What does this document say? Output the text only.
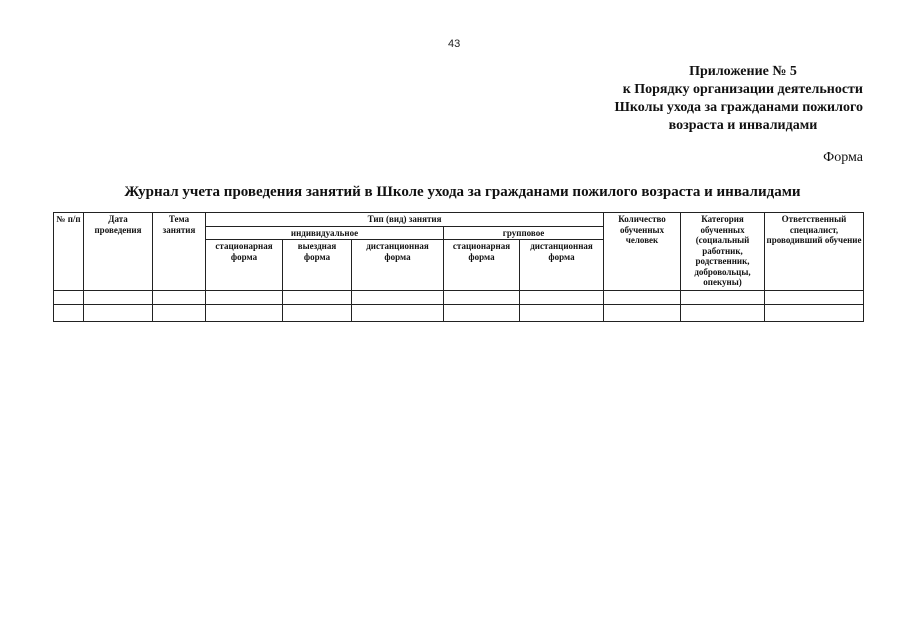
43
Приложение № 5
к Порядку организации деятельности
Школы ухода за гражданами пожилого
возраста и инвалидами
Форма
Журнал учета проведения занятий в Школе ухода за гражданами пожилого возраста и инвалидами
№ п/п	Дата проведения	Тема занятия	Тип (вид) занятия					Количество обученных человек	Категория обученных (социальный работник, родственник, добровольцы, опекуны)	Ответственный специалист, проводивший обучение
			индивидуальное			групповое				
			стационарная форма	выездная форма	дистанционная форма	стационарная форма	дистанционная форма			
